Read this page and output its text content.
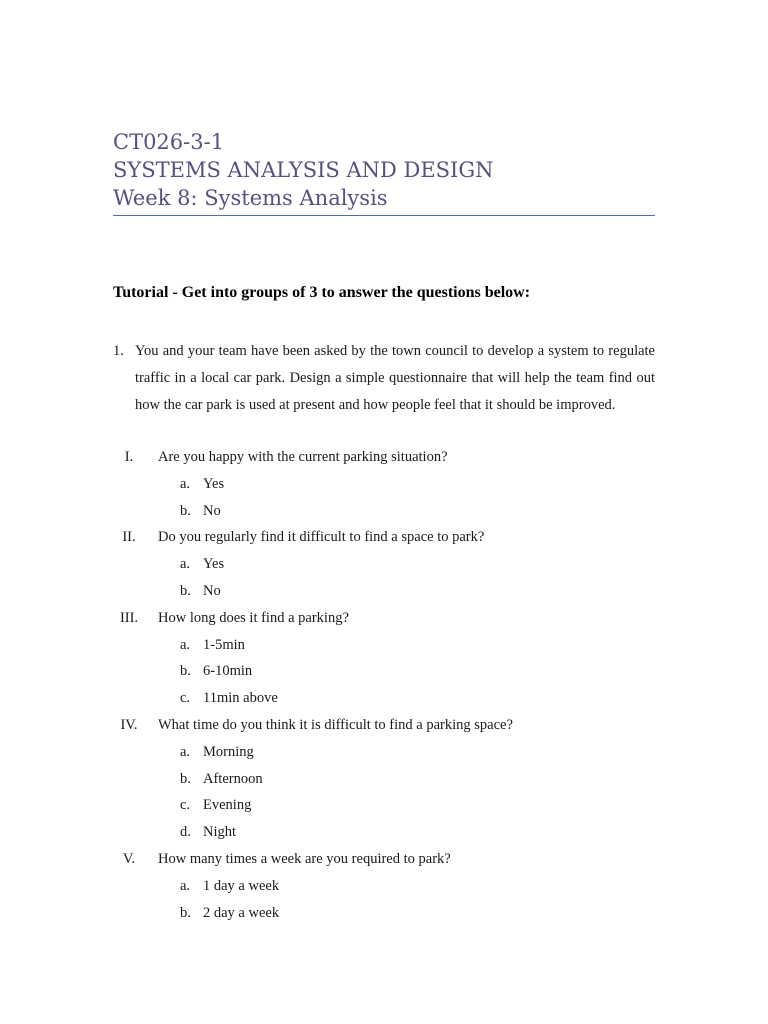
CT026-3-1
SYSTEMS ANALYSIS AND DESIGN
Week 8: Systems Analysis
Tutorial - Get into groups of 3 to answer the questions below:
1. You and your team have been asked by the town council to develop a system to regulate traffic in a local car park. Design a simple questionnaire that will help the team find out how the car park is used at present and how people feel that it should be improved.
I.	Are you happy with the current parking situation?
a. Yes
b. No
II.	Do you regularly find it difficult to find a space to park?
a. Yes
b. No
III.	How long does it find a parking?
a. 1-5min
b. 6-10min
c. 11min above
IV.	What time do you think it is difficult to find a parking space?
a. Morning
b. Afternoon
c. Evening
d. Night
V.	How many times a week are you required to park?
a. 1 day a week
b. 2 day a week
